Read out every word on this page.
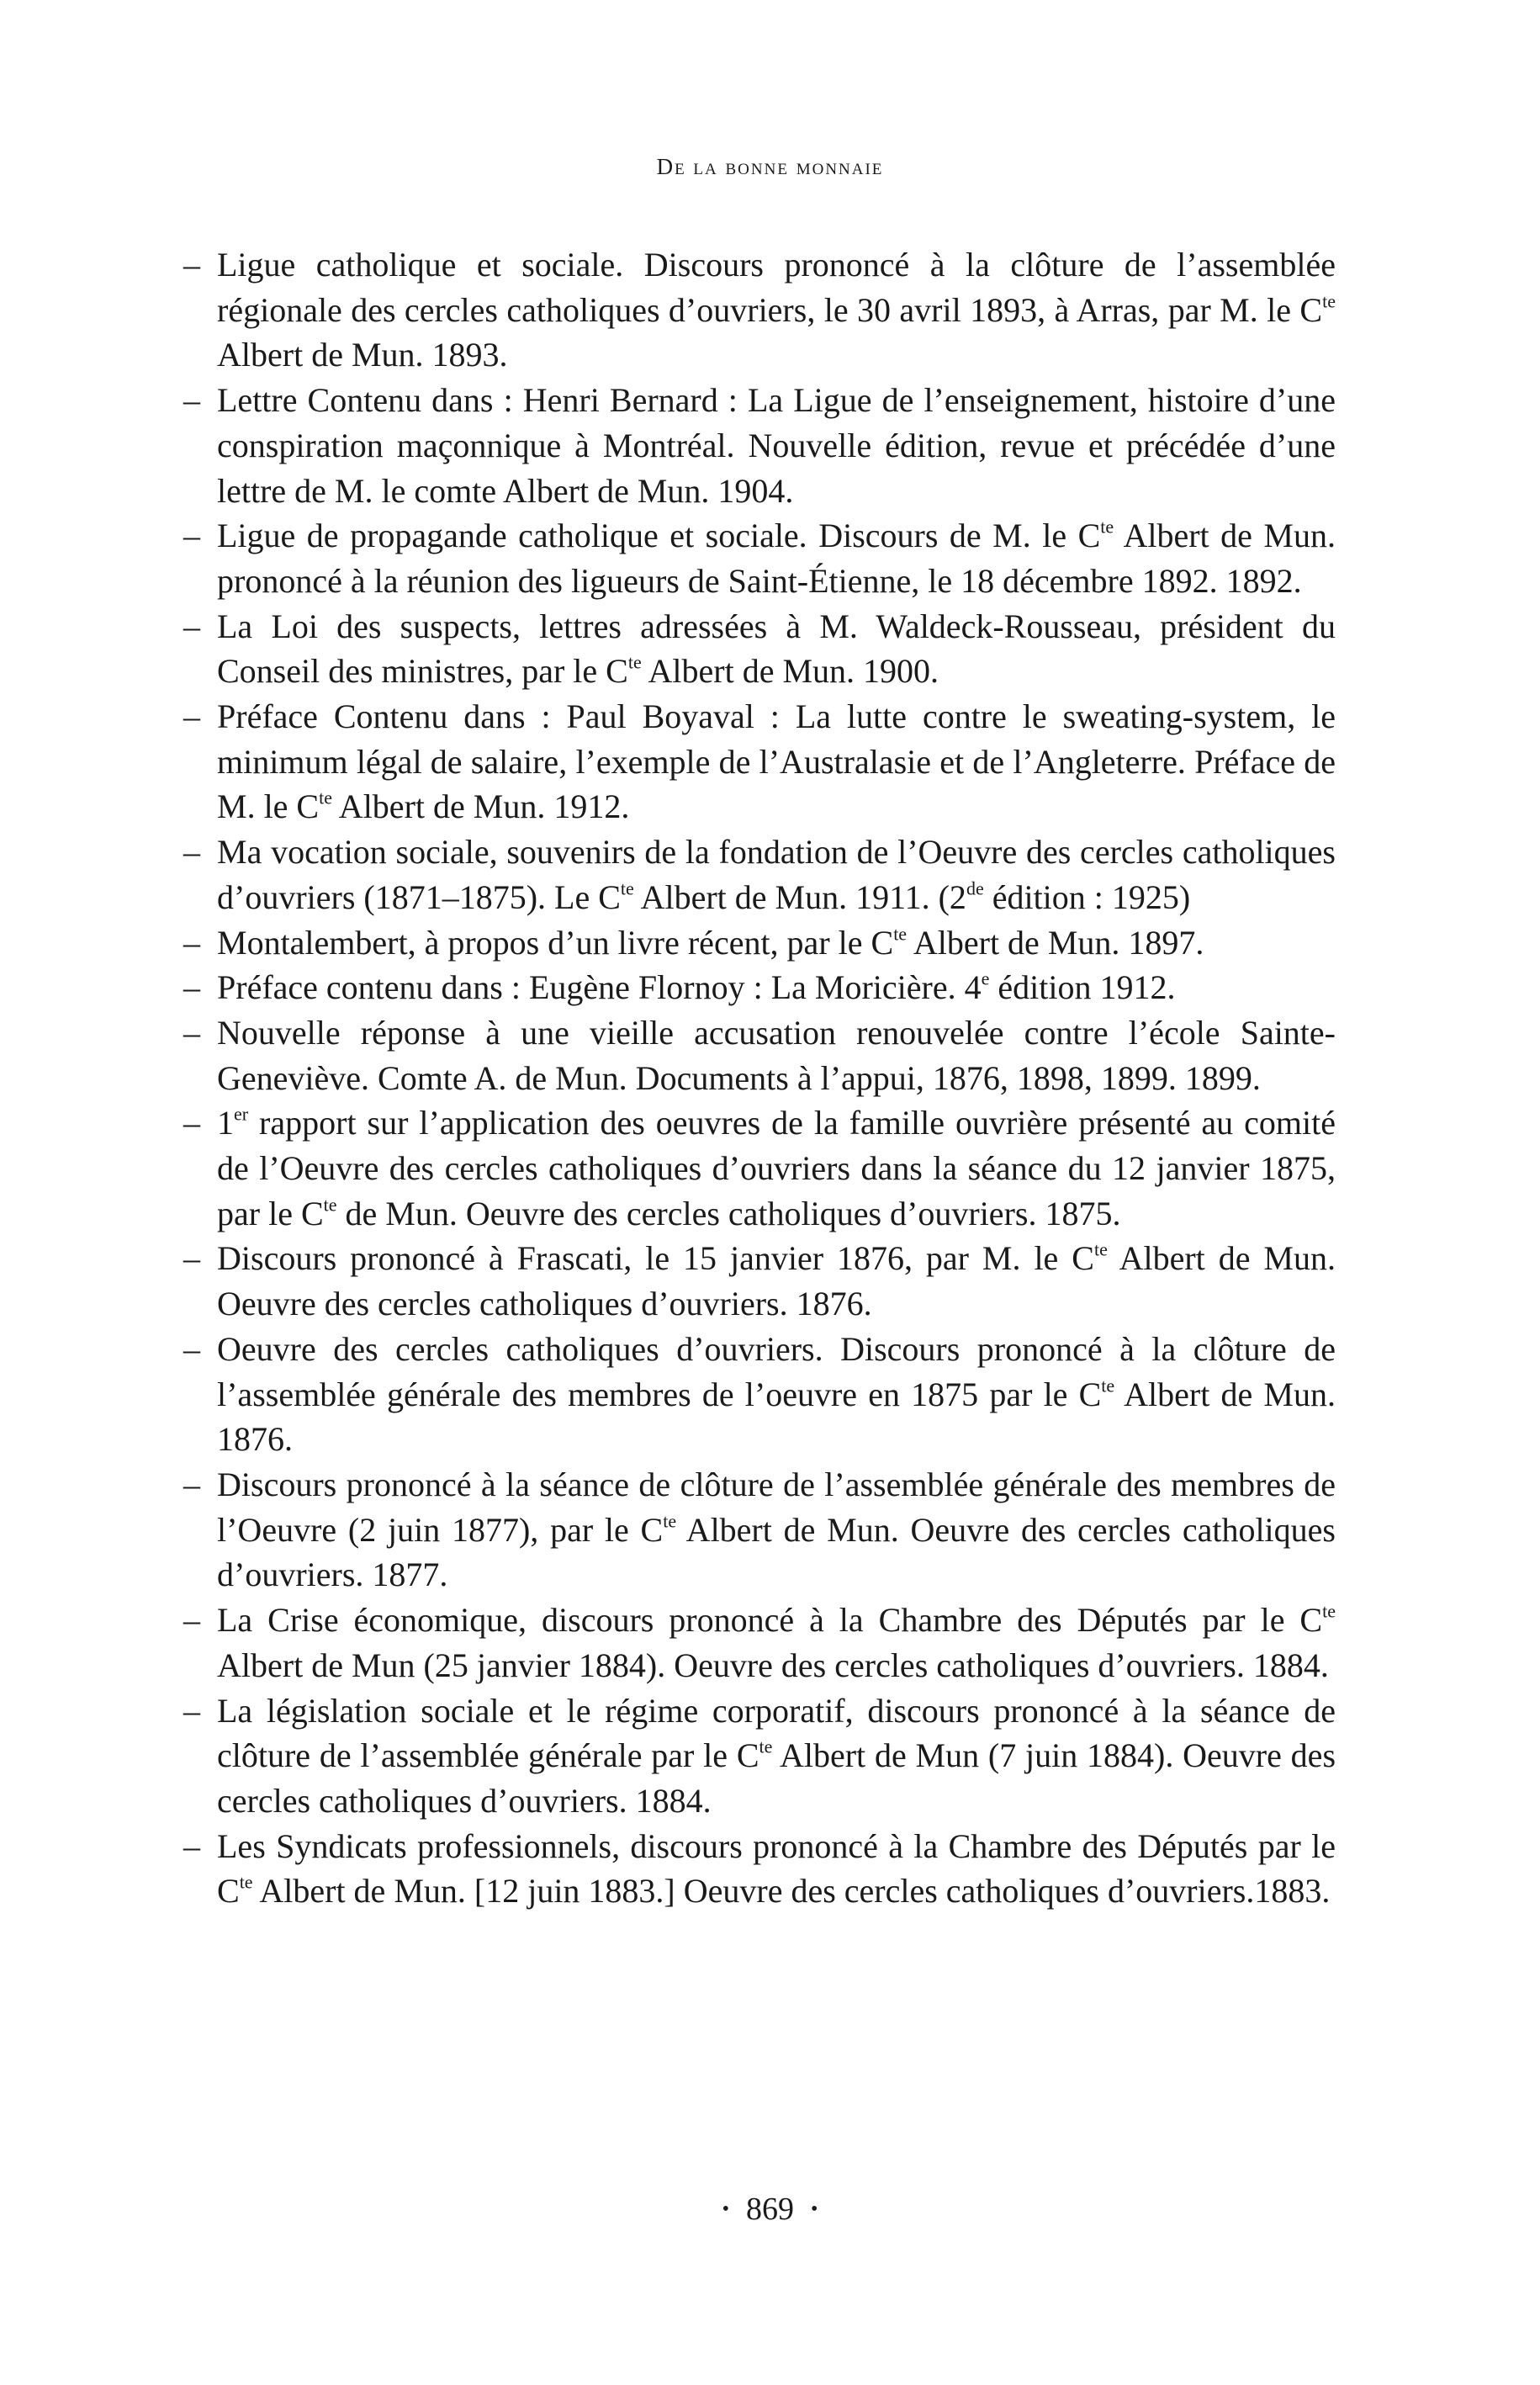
De la bonne monnaie
– Ligue catholique et sociale. Discours prononcé à la clôture de l’assemblée régionale des cercles catholiques d’ouvriers, le 30 avril 1893, à Arras, par M. le $C^{te}$ Albert de Mun. 1893.
– Lettre Contenu dans : Henri Bernard : La Ligue de l’enseignement, histoire d’une conspiration maçonnique à Montréal. Nouvelle édition, revue et précédée d’une lettre de M. le comte Albert de Mun. 1904.
– Ligue de propagande catholique et sociale. Discours de M. le $C^{te}$ Albert de Mun. prononcé à la réunion des ligueurs de Saint-Étienne, le 18 décembre 1892. 1892.
– La Loi des suspects, lettres adressées à M. Waldeck-Rousseau, président du Conseil des ministres, par le $C^{te}$ Albert de Mun. 1900.
– Préface Contenu dans : Paul Boyaval : La lutte contre le sweating-system, le minimum légal de salaire, l’exemple de l’Australasie et de l’Angleterre. Préface de M. le $C^{te}$ Albert de Mun. 1912.
– Ma vocation sociale, souvenirs de la fondation de l’Oeuvre des cercles catholiques d’ouvriers (1871–1875). Le $C^{te}$ Albert de Mun. 1911. (2de édition : 1925)
– Montalembert, à propos d’un livre récent, par le $C^{te}$ Albert de Mun. 1897.
– Préface contenu dans : Eugène Flornoy : La Moricière. 4e édition 1912.
– Nouvelle réponse à une vieille accusation renouvelée contre l’école Sainte-Geneviève. Comte A. de Mun. Documents à l’appui, 1876, 1898, 1899. 1899.
– 1er rapport sur l’application des oeuvres de la famille ouvrière présenté au comité de l’Oeuvre des cercles catholiques d’ouvriers dans la séance du 12 janvier 1875, par le $C^{te}$ de Mun. Oeuvre des cercles catholiques d’ouvriers. 1875.
– Discours prononcé à Frascati, le 15 janvier 1876, par M. le $C^{te}$ Albert de Mun. Oeuvre des cercles catholiques d’ouvriers. 1876.
– Oeuvre des cercles catholiques d’ouvriers. Discours prononcé à la clôture de l’assemblée générale des membres de l’oeuvre en 1875 par le $C^{te}$ Albert de Mun. 1876.
– Discours prononcé à la séance de clôture de l’assemblée générale des membres de l’Oeuvre (2 juin 1877), par le $C^{te}$ Albert de Mun. Oeuvre des cercles catholiques d’ouvriers. 1877.
– La Crise économique, discours prononcé à la Chambre des Députés par le $C^{te}$ Albert de Mun (25 janvier 1884). Oeuvre des cercles catholiques d’ouvriers. 1884.
– La législation sociale et le régime corporatif, discours prononcé à la séance de clôture de l’assemblée générale par le $C^{te}$ Albert de Mun (7 juin 1884). Oeuvre des cercles catholiques d’ouvriers. 1884.
– Les Syndicats professionnels, discours prononcé à la Chambre des Députés par le $C^{te}$ Albert de Mun. [12 juin 1883.] Oeuvre des cercles catholiques d’ouvriers.1883.
• 869 •
